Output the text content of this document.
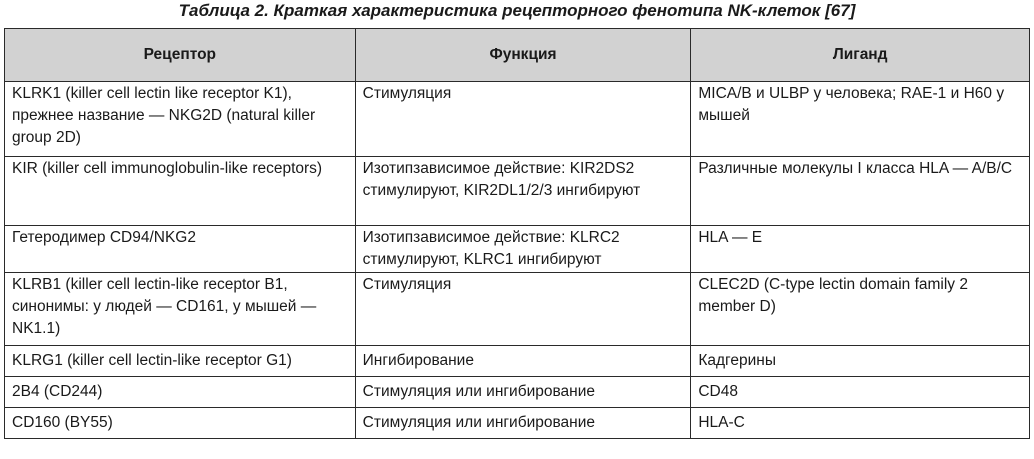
Таблица 2. Краткая характеристика рецепторного фенотипа NK-клеток [67]
Рецептор	Функция	Лиганд
KLRK1 (killer cell lectin like receptor K1), прежнее название — NKG2D (natural killer group 2D)	Стимуляция	MICA/B и ULBP у человека; RAE-1 и H60 у мышей
KIR (killer cell immunoglobulin-like receptors)	Изотипзависимое действие: KIR2DS2 стимулируют, KIR2DL1/2/3 ингибируют	Различные молекулы I класса HLA — A/B/C
Гетеродимер CD94/NKG2	Изотипзависимое действие: KLRC2 стимулируют, KLRC1 ингибируют	HLA — E
KLRB1 (killer cell lectin-like receptor B1, синонимы: у людей — CD161, у мышей — NK1.1)	Стимуляция	CLEC2D (C-type lectin domain family 2 member D)
KLRG1 (killer cell lectin-like receptor G1)	Ингибирование	Кадгерины
2B4 (CD244)	Стимуляция или ингибирование	CD48
CD160 (BY55)	Стимуляция или ингибирование	HLA-C
